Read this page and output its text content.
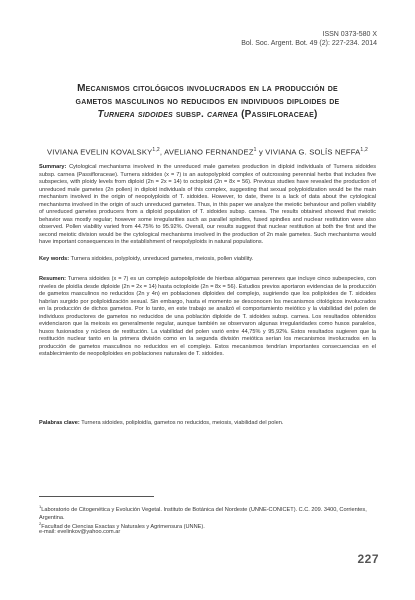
ISSN 0373-580 X
Bol. Soc. Argent. Bot. 49 (2): 227-234. 2014
Mecanismos citológicos involucrados en la producción de
gametos masculinos no reducidos en individuos diploides de
Turnera sidoides subsp. carnea (Passifloraceae)
VIVIANA EVELIN KOVALSKY$^{1,2}$, AVELIANO FERNANDEZ$^1$ y VIVIANA G. SOLÍS NEFFA$^{1,2}$
Summary: Cytological mechanisms involved in the unreduced male gametes production in diploid individuals of Turnera sidoides subsp. carnea (Passifloraceae). Turnera sidoides (x = 7) is an autopolyploid complex of outcrossing perennial herbs that includes five subspecies, with ploidy levels from diploid (2n = 2x = 14) to octoploid (2n = 8x = 56). Previous studies have revealed the production of unreduced male gametes (2n pollen) in diploid individuals of this complex, suggesting that sexual polyploidization would be the main mechanism involved in the origin of neopolyploids of T. sidoides. However, to date, there is a lack of data about the cytological mechanisms involved in the origin of such unreduced gametes. Thus, in this paper we analyze the meiotic behaviour and pollen viability of unreduced gametes producers from a diploid population of T. sidoides subsp. carnea. The results obtained showed that meiotic behavior was mostly regular; however some irregularities such as parallel spindles, fused spindles and nuclear restitution were also observed. Pollen viability varied from 44.75% to 95.92%. Overall, our results suggest that nuclear restitution at both the first and the second meiotic division would be the cytological mechanisms involved in the production of 2n male gametes. Such mechanisms would have important consequences in the establishment of neopolyploids in natural populations.
Key words: Turnera sidoides, polyploidy, unreduced gametes, meiosis, pollen viability.
Resumen: Turnera sidoides (x = 7) es un complejo autopoliploide de hierbas alógamas perennes que incluye cinco subespecies, con niveles de ploidía desde diploide (2n = 2x = 14) hasta octoploide (2n = 8x = 56). Estudios previos aportaron evidencias de la producción de gametos masculinos no reducidos (2n y 4n) en poblaciones diploides del complejo, sugiriendo que los poliploides de T. sidoides habrían surgido por poliploidización sexual. Sin embargo, hasta el momento se desconocen los mecanismos citológicos involucrados en la producción de dichos gametos. Por lo tanto, en este trabajo se analizó el comportamiento meiótico y la viabilidad del polen de individuos productores de gametos no reducidos de una población diploide de T. sidoides subsp. carnea. Los resultados obtenidos evidenciaron que la meiosis es generalmente regular, aunque también se observaron algunas irregularidades como husos paralelos, husos fusionados y núcleos de restitución. La viabilidad del polen varió entre 44,75% y 95,92%. Estos resultados sugieren que la restitución nuclear tanto en la primera división como en la segunda división meiótica serían los mecanismos involucrados en la producción de gametos masculinos no reducidos en el complejo. Estos mecanismos tendrían importantes consecuencias en el establecimiento de neopoliploides en poblaciones naturales de T. sidoides.
Palabras clave: Turnera sidoides, poliploidía, gametos no reducidos, meiosis, viabilidad del polen.
$^1$Laboratorio de Citogenética y Evolución Vegetal. Instituto de Botánica del Nordeste (UNNE-CONICET). C.C. 209. 3400, Corrientes, Argentina.
$^2$Facultad de Ciencias Exactas y Naturales y Agrimensura (UNNE).
e-mail: evelinkov@yahoo.com.ar
227
